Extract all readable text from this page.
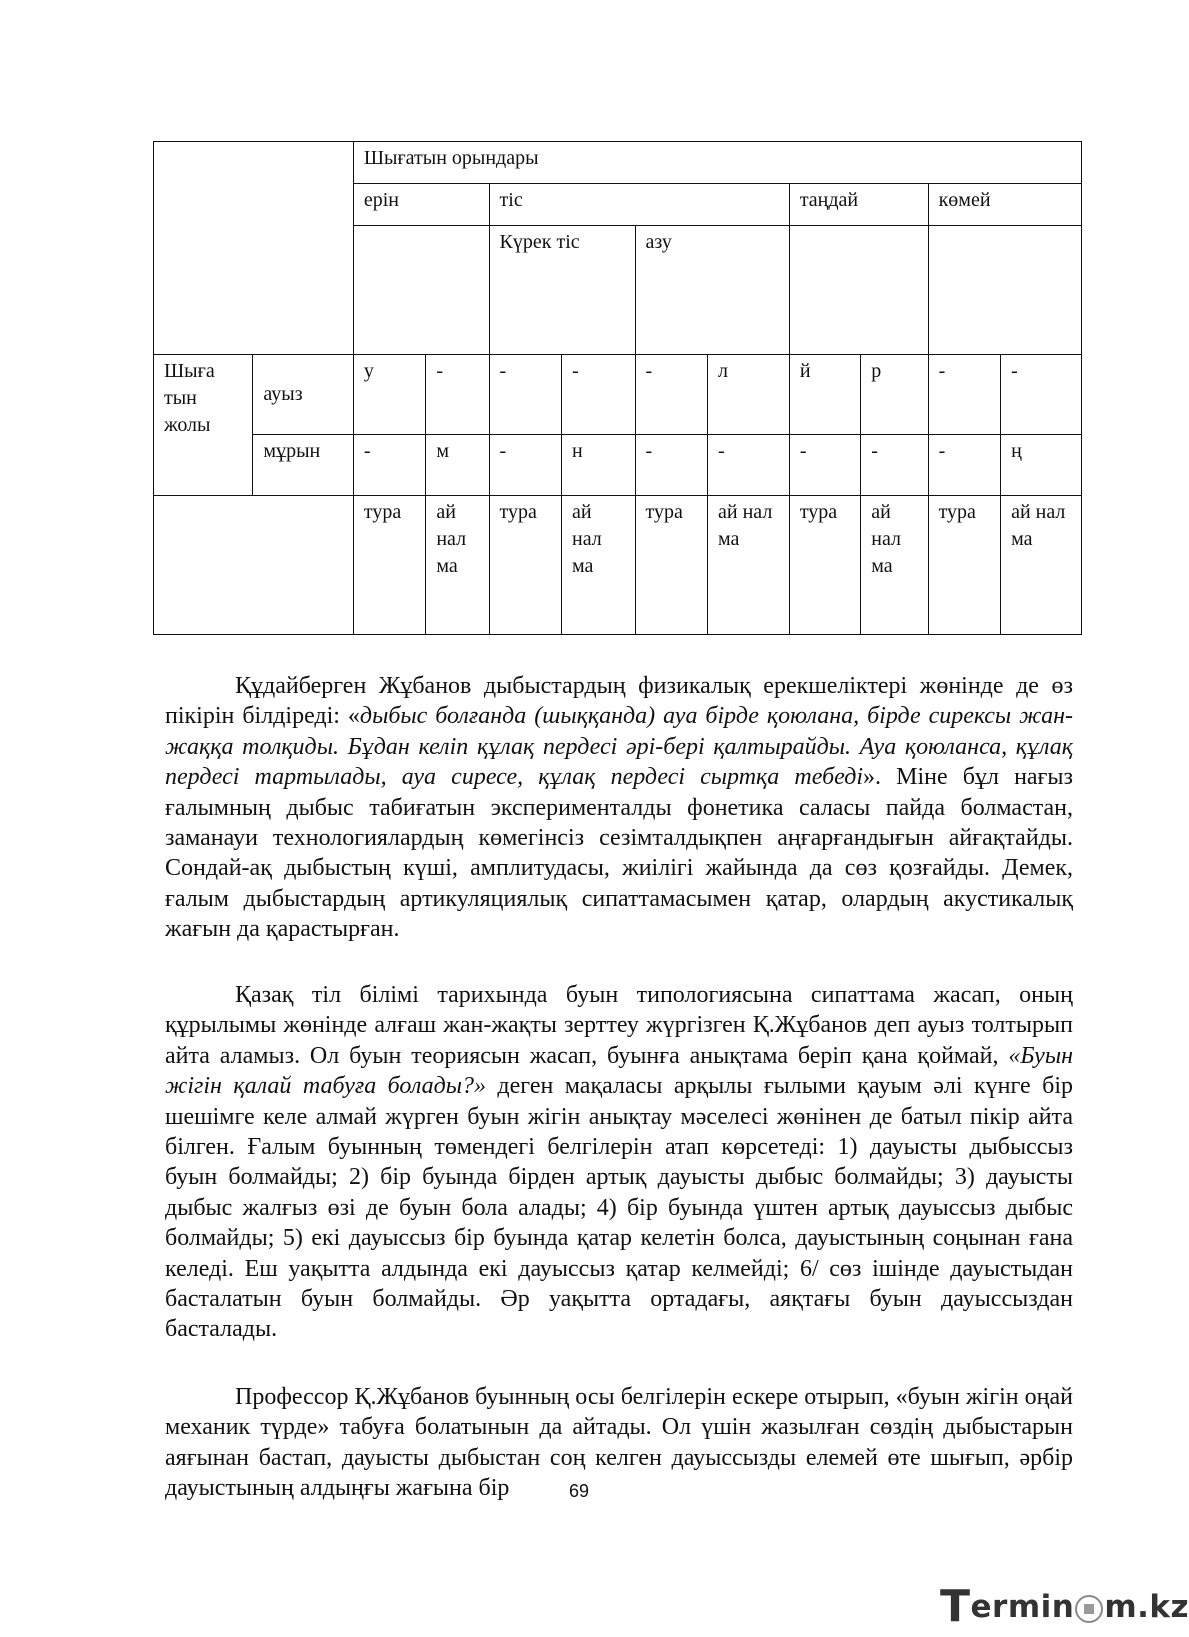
		Шығатын орындары									
		ерін		тіс				таңдай		көмей	
				Күрек тіс		азу					
Шыға тын жолы	ауыз	у	-	-	-	-	л	й	р	-	-
	мұрын	-	м	-	н	-	-	-	-	-	ң
		тура	ай нал ма	тура	ай нал ма	тура	ай нал ма	тура	ай нал ма	тура	ай нал ма

Құдайберген Жұбанов дыбыстардың физикалық ерекшеліктері жөнінде де өз пікірін білдіреді: «дыбыс болғанда (шыққанда) ауа бірде қоюлана, бірде сирексы жан-жаққа толқиды. Бұдан келіп құлақ пердесі әрі-бері қалтырайды. Ауа қоюланса, құлақ пердесі тартылады, ауа сиресе, құлақ пердесі сыртқа тебеді». Міне бұл нағыз ғалымның дыбыс табиғатын эксперименталды фонетика саласы пайда болмастан, заманауи технологиялардың көмегінсіз сезімталдықпен аңғарғандығын айғақтайды. Сондай-ақ дыбыстың күші, амплитудасы, жиілігі жайында да сөз қозғайды. Демек, ғалым дыбыстардың артикуляциялық сипаттамасымен қатар, олардың акустикалық жағын да қарастырған.

Қазақ тіл білімі тарихында буын типологиясына сипаттама жасап, оның құрылымы жөнінде алғаш жан-жақты зерттеу жүргізген Қ.Жұбанов деп ауыз толтырып айта аламыз. Ол буын теориясын жасап, буынға анықтама беріп қана қоймай, «Буын жігін қалай табуға болады?» деген мақаласы арқылы ғылыми қауым әлі күнге бір шешімге келе алмай жүрген буын жігін анықтау мәселесі жөнінен де батыл пікір айта білген. Ғалым буынның төмендегі белгілерін атап көрсетеді: 1) дауысты дыбыссыз буын болмайды; 2) бір буында бірден артық дауысты дыбыс болмайды; 3) дауысты дыбыс жалғыз өзі де буын бола алады; 4) бір буында үштен артық дауыссыз дыбыс болмайды; 5) екі дауыссыз бір буында қатар келетін болса, дауыстының соңынан ғана келеді. Еш уақытта алдында екі дауыссыз қатар келмейді; 6/ сөз ішінде дауыстыдан басталатын буын болмайды. Әр уақытта ортадағы, аяқтағы буын дауыссыздан басталады.

Профессор Қ.Жұбанов буынның осы белгілерін ескере отырып, «буын жігін оңай механик түрде» табуға болатынын да айтады. Ол үшін жазылған сөздің дыбыстарын аяғынан бастап, дауысты дыбыстан соң келген дауыссызды елемей өте шығып, әрбір дауыстының алдыңғы жағына бір	69
T ermin m.kz
